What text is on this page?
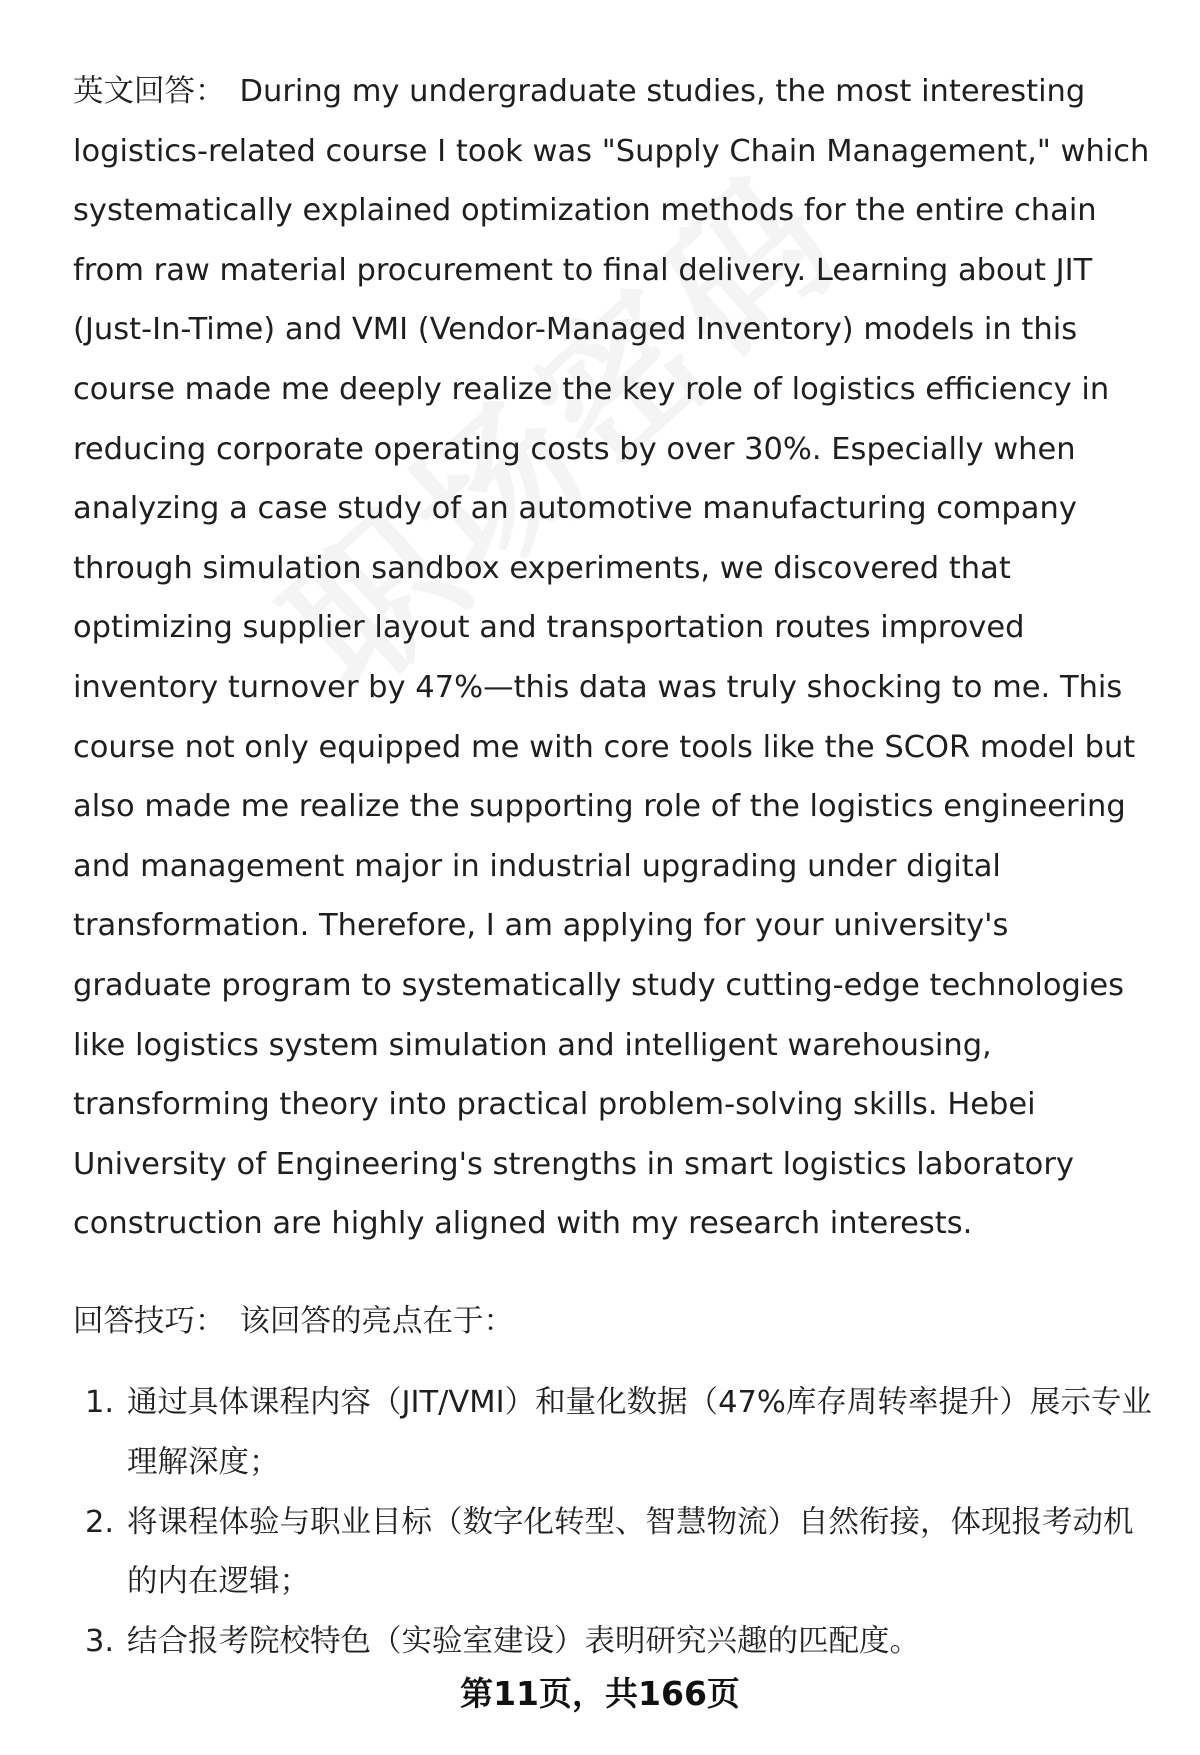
英文回答： During my undergraduate studies, the most interesting logistics-related course I took was "Supply Chain Management," which systematically explained optimization methods for the entire chain from raw material procurement to final delivery. Learning about JIT (Just-In-Time) and VMI (Vendor-Managed Inventory) models in this course made me deeply realize the key role of logistics efficiency in reducing corporate operating costs by over 30%. Especially when analyzing a case study of an automotive manufacturing company through simulation sandbox experiments, we discovered that optimizing supplier layout and transportation routes improved inventory turnover by 47%—this data was truly shocking to me. This course not only equipped me with core tools like the SCOR model but also made me realize the supporting role of the logistics engineering and management major in industrial upgrading under digital transformation. Therefore, I am applying for your university's graduate program to systematically study cutting-edge technologies like logistics system simulation and intelligent warehousing, transforming theory into practical problem-solving skills. Hebei University of Engineering's strengths in smart logistics laboratory construction are highly aligned with my research interests.

回答技巧： 该回答的亮点在于：

1. 通过具体课程内容（JIT/VMI）和量化数据（47%库存周转率提升）展示专业理解深度；
2. 将课程体验与职业目标（数字化转型、智慧物流）自然衔接，体现报考动机的内在逻辑；
3. 结合报考院校特色（实验室建设）表明研究兴趣的匹配度。
第11页，共166页
